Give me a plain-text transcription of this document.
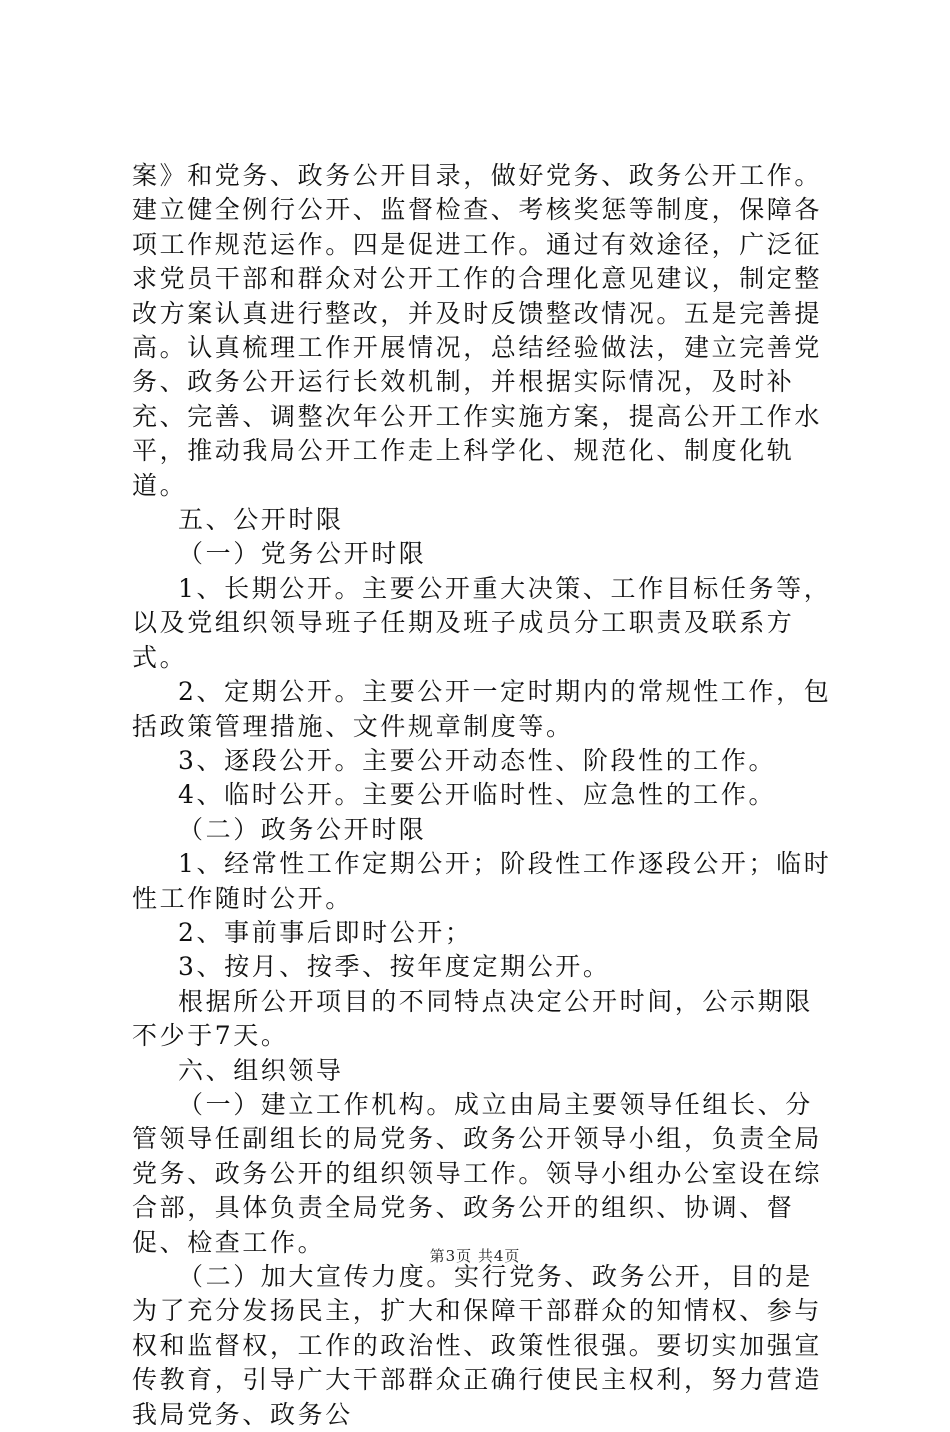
案》和党务、政务公开目录，做好党务、政务公开工作。建立健全例行公开、监督检查、考核奖惩等制度，保障各项工作规范运作。四是促进工作。通过有效途径，广泛征求党员干部和群众对公开工作的合理化意见建议，制定整改方案认真进行整改，并及时反馈整改情况。五是完善提高。认真梳理工作开展情况，总结经验做法，建立完善党务、政务公开运行长效机制，并根据实际情况，及时补充、完善、调整次年公开工作实施方案，提高公开工作水平，推动我局公开工作走上科学化、规范化、制度化轨道。

五、公开时限

（一）党务公开时限

1、长期公开。主要公开重大决策、工作目标任务等，以及党组织领导班子任期及班子成员分工职责及联系方式。

2、定期公开。主要公开一定时期内的常规性工作，包括政策管理措施、文件规章制度等。

3、逐段公开。主要公开动态性、阶段性的工作。

4、临时公开。主要公开临时性、应急性的工作。

（二）政务公开时限

1、经常性工作定期公开；阶段性工作逐段公开；临时性工作随时公开。

2、事前事后即时公开；

3、按月、按季、按年度定期公开。

根据所公开项目的不同特点决定公开时间，公示期限不少于7天。

六、组织领导

（一）建立工作机构。成立由局主要领导任组长、分管领导任副组长的局党务、政务公开领导小组，负责全局党务、政务公开的组织领导工作。领导小组办公室设在综合部，具体负责全局党务、政务公开的组织、协调、督促、检查工作。

（二）加大宣传力度。实行党务、政务公开，目的是为了充分发扬民主，扩大和保障干部群众的知情权、参与权和监督权，工作的政治性、政策性很强。要切实加强宣传教育，引导广大干部群众正确行使民主权利，努力营造我局党务、政务公

第3页 共4页
